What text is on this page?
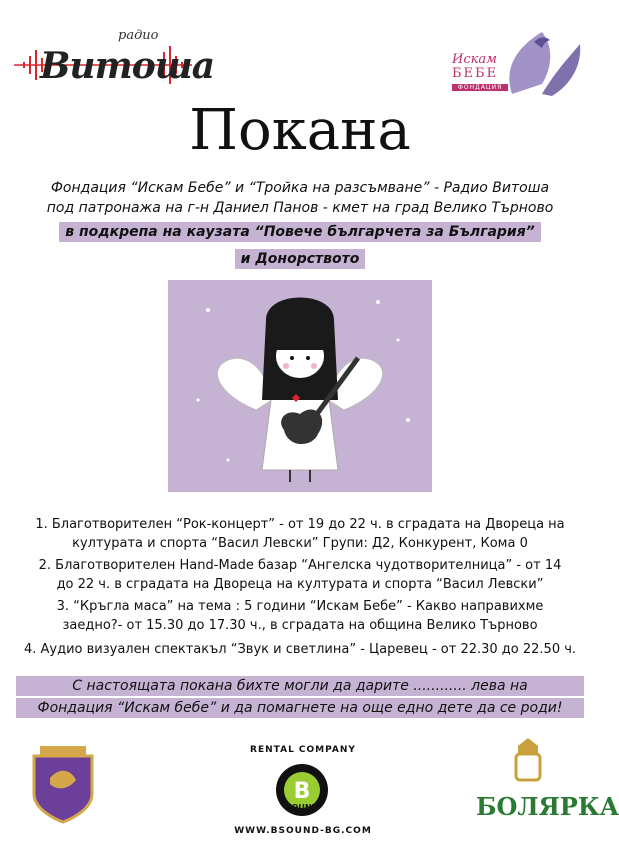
радио
Витоша	Искам
БЕБЕ
ФОНДАЦИЯ
Покана
Фондация “Искам Бебе” и “Тройка на разсъмване” - Радио Витоша
под патронажа на г-н Даниел Панов - кмет на град Велико Търново
в подкрепа на каузата “Повече българчета за България”
и Донорството
1. Благотворителен “Рок-концерт” - от 19 до 22 ч. в сградата на Двореца на
културата и спорта “Васил Левски” Групи: Д2, Конкурент, Кома 0
2. Благотворителен Hand-Made базар “Ангелска чудотворителница” - от 14
до 22 ч. в сградата на Двореца на културата и спорта “Васил Левски”
3. “Кръгла маса” на тема : 5 години “Искам Бебе” - Какво направихме
заедно?- от 15.30 до 17.30 ч., в сградата на община Велико Търново
4. Аудио визуален спектакъл “Звук и светлина” - Царевец - от 22.30 до 22.50 ч.
С настоящата покана бихте могли да дарите ............ лева на
Фондация “Искам бебе” и да помагнете на още едно дете да се роди!
RENTAL COMPANY
B
SOUND
WWW.BSOUND-BG.COM
БОЛЯРКА
